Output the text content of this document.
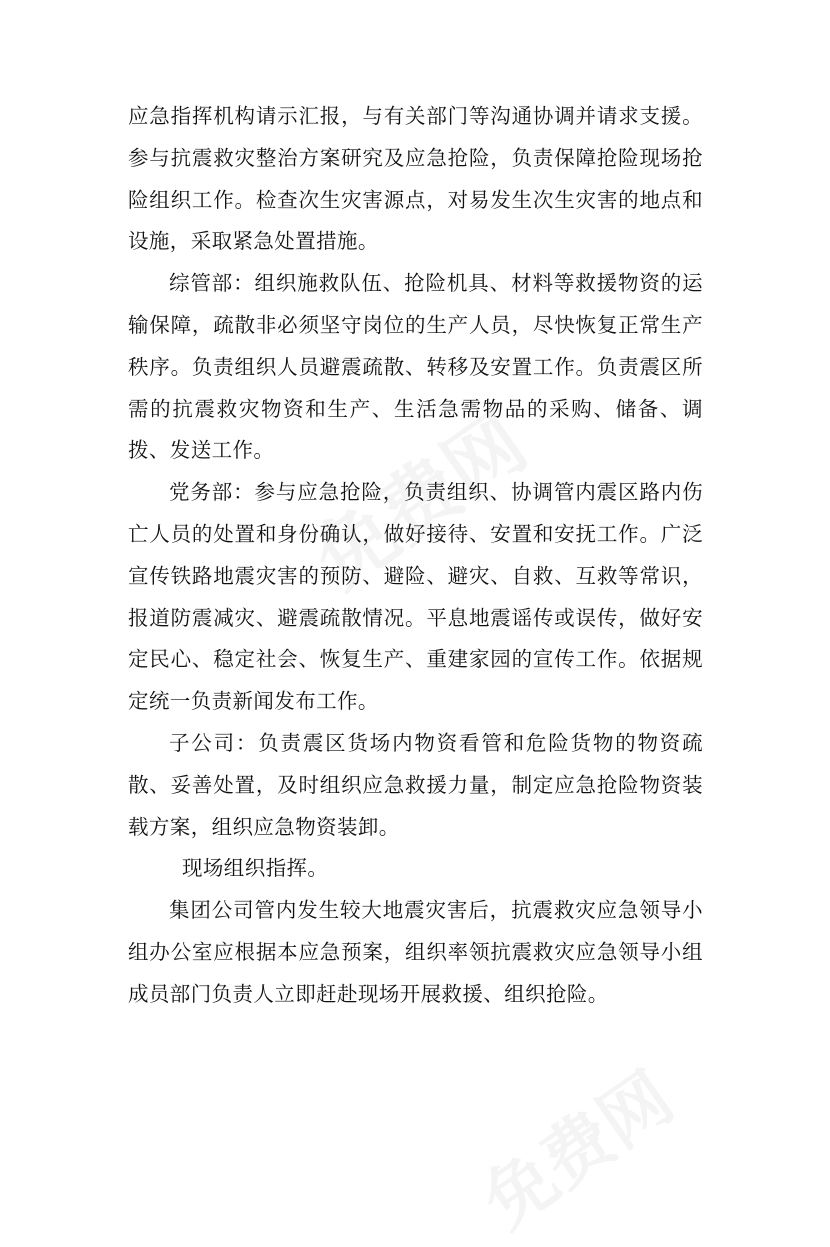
应急指挥机构请示汇报，与有关部门等沟通协调并请求支援。参与抗震救灾整治方案研究及应急抢险，负责保障抢险现场抢险组织工作。检查次生灾害源点，对易发生次生灾害的地点和设施，采取紧急处置措施。

综管部：组织施救队伍、抢险机具、材料等救援物资的运输保障，疏散非必须坚守岗位的生产人员，尽快恢复正常生产秩序。负责组织人员避震疏散、转移及安置工作。负责震区所需的抗震救灾物资和生产、生活急需物品的采购、储备、调拨、发送工作。

党务部：参与应急抢险，负责组织、协调管内震区路内伤亡人员的处置和身份确认，做好接待、安置和安抚工作。广泛宣传铁路地震灾害的预防、避险、避灾、自救、互救等常识，报道防震减灾、避震疏散情况。平息地震谣传或误传，做好安定民心、稳定社会、恢复生产、重建家园的宣传工作。依据规定统一负责新闻发布工作。

子公司：负责震区货场内物资看管和危险货物的物资疏散、妥善处置，及时组织应急救援力量，制定应急抢险物资装载方案，组织应急物资装卸。

现场组织指挥。

集团公司管内发生较大地震灾害后，抗震救灾应急领导小组办公室应根据本应急预案，组织率领抗震救灾应急领导小组成员部门负责人立即赶赴现场开展救援、组织抢险。
